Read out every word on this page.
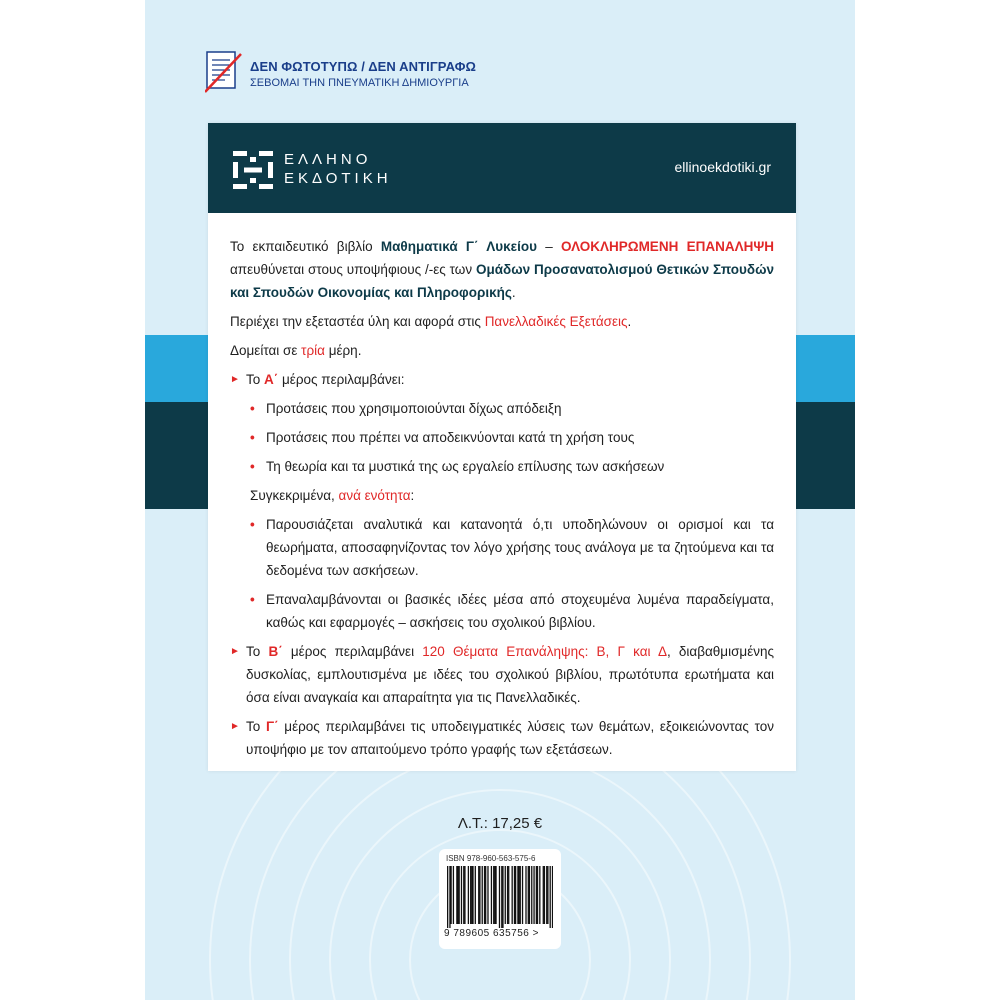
ΔΕΝ ΦΩΤΟΤΥΠΩ / ΔΕΝ ΑΝΤΙΓΡΑΦΩ
ΣΕΒΟΜΑΙ ΤΗΝ ΠΝΕΥΜΑΤΙΚΗ ΔΗΜΙΟΥΡΓΙΑ
ΕΛΛΗΝΟ
ΕΚΔΟΤΙΚΗ
ellinoekdotiki.gr

Το εκπαιδευτικό βιβλίο Μαθηματικά Γ΄ Λυκείου – ΟΛΟΚΛΗΡΩΜΕΝΗ ΕΠΑΝΑΛΗΨΗ απευθύνεται στους υποψήφιους /-ες των Ομάδων Προσανατολισμού Θετικών Σπουδών και Σπουδών Οικονομίας και Πληροφορικής.

Περιέχει την εξεταστέα ύλη και αφορά στις Πανελλαδικές Εξετάσεις.

Δομείται σε τρία μέρη.

► Το Α΄ μέρος περιλαμβάνει:

• Προτάσεις που χρησιμοποιούνται δίχως απόδειξη

• Προτάσεις που πρέπει να αποδεικνύονται κατά τη χρήση τους

• Τη θεωρία και τα μυστικά της ως εργαλείο επίλυσης των ασκήσεων

Συγκεκριμένα, ανά ενότητα:

• Παρουσιάζεται αναλυτικά και κατανοητά ό,τι υποδηλώνουν οι ορισμοί και τα θεωρήματα, αποσαφηνίζοντας τον λόγο χρήσης τους ανάλογα με τα ζητούμενα και τα δεδομένα των ασκήσεων.

• Επαναλαμβάνονται οι βασικές ιδέες μέσα από στοχευμένα λυμένα παραδείγματα, καθώς και εφαρμογές – ασκήσεις του σχολικού βιβλίου.

► Το Β΄ μέρος περιλαμβάνει 120 Θέματα Επανάληψης: Β, Γ και Δ, διαβαθμισμένης δυσκολίας, εμπλουτισμένα με ιδέες του σχολικού βιβλίου, πρωτότυπα ερωτήματα και όσα είναι αναγκαία και απαραίτητα για τις Πανελλαδικές.

► Το Γ΄ μέρος περιλαμβάνει τις υποδειγματικές λύσεις των θεμάτων, εξοικειώνοντας τον υποψήφιο με τον απαιτούμενο τρόπο γραφής των εξετάσεων.

Λ.Τ.: 17,25 €
ISBN 978-960-563-575-6
9 789605 635756 >
